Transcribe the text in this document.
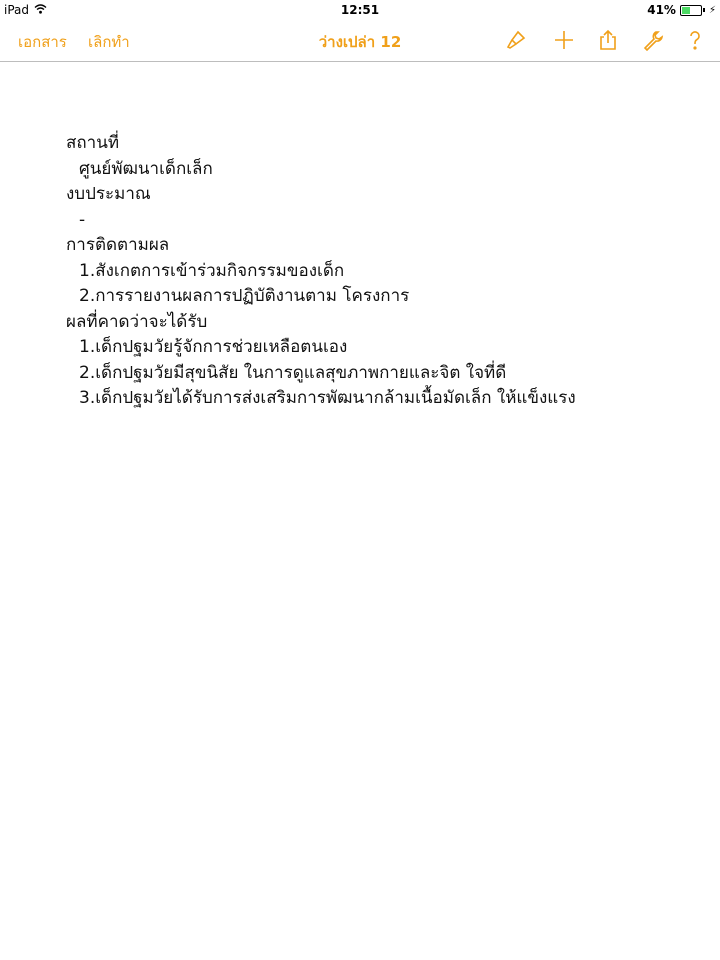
iPad	12:51	41%	⚡
เอกสาร เลิกทำ	ว่างเปล่า 12
สถานที่
ศูนย์พัฒนาเด็กเล็ก
งบประมาณ
-
การติดตามผล
1.สังเกตการเข้าร่วมกิจกรรมของเด็ก
2.การรายงานผลการปฏิบัติงานตาม โครงการ
ผลที่คาดว่าจะได้รับ
1.เด็กปฐมวัยรู้จักการช่วยเหลือตนเอง
2.เด็กปฐมวัยมีสุขนิสัย ในการดูแลสุขภาพกายและจิต ใจที่ดี
3.เด็กปฐมวัยได้รับการส่งเสริมการพัฒนากล้ามเนื้อมัดเล็ก ให้แข็งแรง
